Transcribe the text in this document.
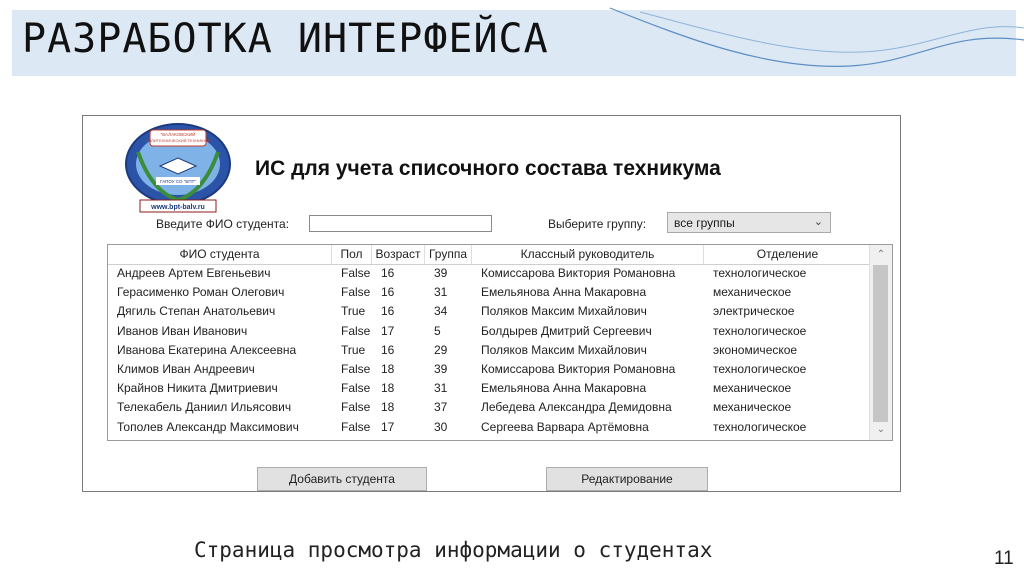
РАЗРАБОТКА ИНТЕРФЕЙСА
"БАЛАКОВСКИЙ
ПОЛИТЕХНИЧЕСКИЙ ТЕХНИКУМ"
ГАПОУ СО "БПТ"
www.bpt-balv.ru
ИС для учета списочного состава техникума
Введите ФИО студента:	Выберите группу: все группы	⌄
ФИО студента	Пол	Возраст Группа	Классный руководитель	Отделение
Андреев Артем Евгеньевич	False 16	39	Комиссарова Виктория Романовна	технологическое
Герасименко Роман Олегович	False 16	31	Емельянова Анна Макаровна	механическое
Дягиль Степан Анатольевич	True	16	34	Поляков Максим Михайлович	электрическое
Иванов Иван Иванович	False 17	5	Болдырев Дмитрий Сергеевич	технологическое
Иванова Екатерина Алексеевна	True	16	29	Поляков Максим Михайлович	экономическое
Климов Иван Андреевич	False 18	39	Комиссарова Виктория Романовна	технологическое
Крайнов Никита Дмитриевич	False 18	31	Емельянова Анна Макаровна	механическое
Телекабель Даниил Ильясович	False 18	37	Лебедева Александра Демидовна	механическое
Тополев Александр Максимович	False 17	30	Сергеева Варвара Артёмовна	технологическое
⌃
⌄
Добавить студента	Редактирование
Страница просмотра информации о студентах	11
